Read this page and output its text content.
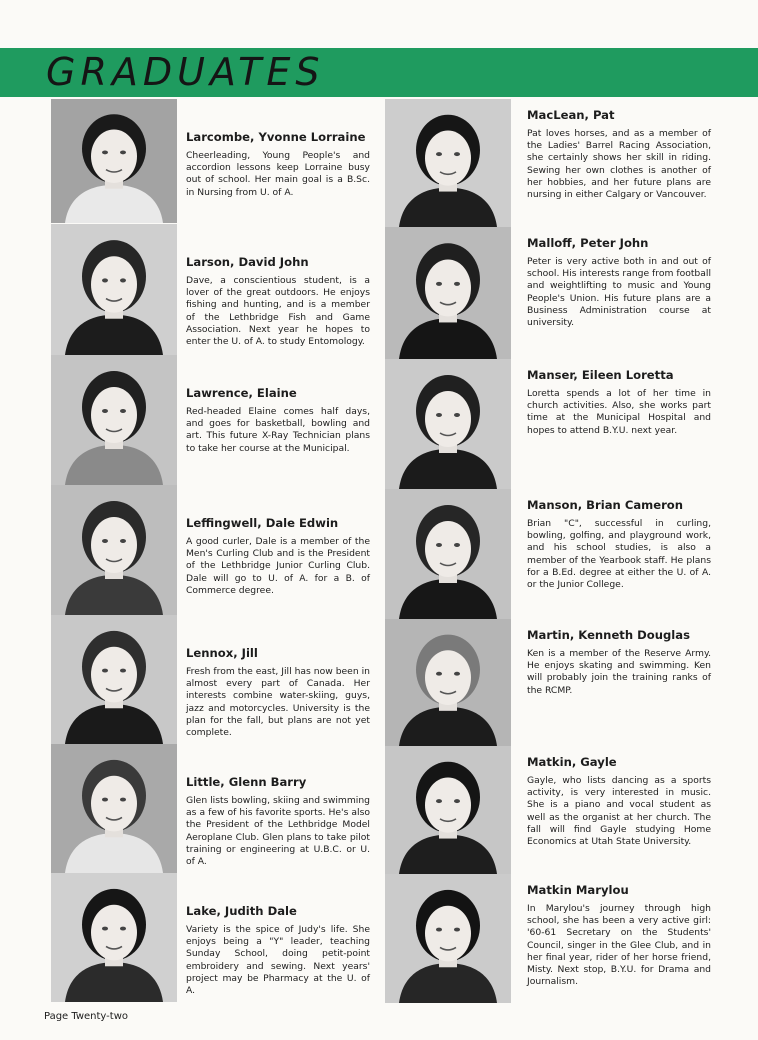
GRADUATES
Larcombe, Yvonne Lorraine

Cheerleading, Young People's and accordion lessons keep Lorraine busy out of school. Her main goal is a B.Sc. in Nursing from U. of A.

Larson, David John

Dave, a conscientious student, is a lover of the great outdoors. He enjoys fishing and hunting, and is a member of the Lethbridge Fish and Game Association. Next year he hopes to enter the U. of A. to study Entomology.

Lawrence, Elaine

Red-headed Elaine comes half days, and goes for basketball, bowling and art. This future X-Ray Technician plans to take her course at the Municipal.

Leffingwell, Dale Edwin

A good curler, Dale is a member of the Men's Curling Club and is the President of the Lethbridge Junior Curling Club. Dale will go to U. of A. for a B. of Commerce degree.

Lennox, Jill

Fresh from the east, Jill has now been in almost every part of Canada. Her interests combine water-skiing, guys, jazz and motorcycles. University is the plan for the fall, but plans are not yet complete.

Little, Glenn Barry

Glen lists bowling, skiing and swimming as a few of his favorite sports. He's also the President of the Lethbridge Model Aeroplane Club. Glen plans to take pilot training or engineering at U.B.C. or U. of A.

Lake, Judith Dale

Variety is the spice of Judy's life. She enjoys being a "Y" leader, teaching Sunday School, doing petit-point embroidery and sewing. Next years' project may be Pharmacy at the U. of A.

MacLean, Pat

Pat loves horses, and as a member of the Ladies' Barrel Racing Association, she certainly shows her skill in riding. Sewing her own clothes is another of her hobbies, and her future plans are nursing in either Calgary or Vancouver.

Malloff, Peter John

Peter is very active both in and out of school. His interests range from football and weightlifting to music and Young People's Union. His future plans are a Business Administration course at university.

Manser, Eileen Loretta

Loretta spends a lot of her time in church activities. Also, she works part time at the Municipal Hospital and hopes to attend B.Y.U. next year.

Manson, Brian Cameron

Brian "C", successful in curling, bowling, golfing, and playground work, and his school studies, is also a member of the Yearbook staff. He plans for a B.Ed. degree at either the U. of A. or the Junior College.

Martin, Kenneth Douglas

Ken is a member of the Reserve Army. He enjoys skating and swimming. Ken will probably join the training ranks of the RCMP.

Matkin, Gayle

Gayle, who lists dancing as a sports activity, is very interested in music. She is a piano and vocal student as well as the organist at her church. The fall will find Gayle studying Home Economics at Utah State University.

Matkin Marylou

In Marylou's journey through high school, she has been a very active girl: '60-61 Secretary on the Students' Council, singer in the Glee Club, and in her final year, rider of her horse friend, Misty. Next stop, B.Y.U. for Drama and Journalism.

Page Twenty-two
